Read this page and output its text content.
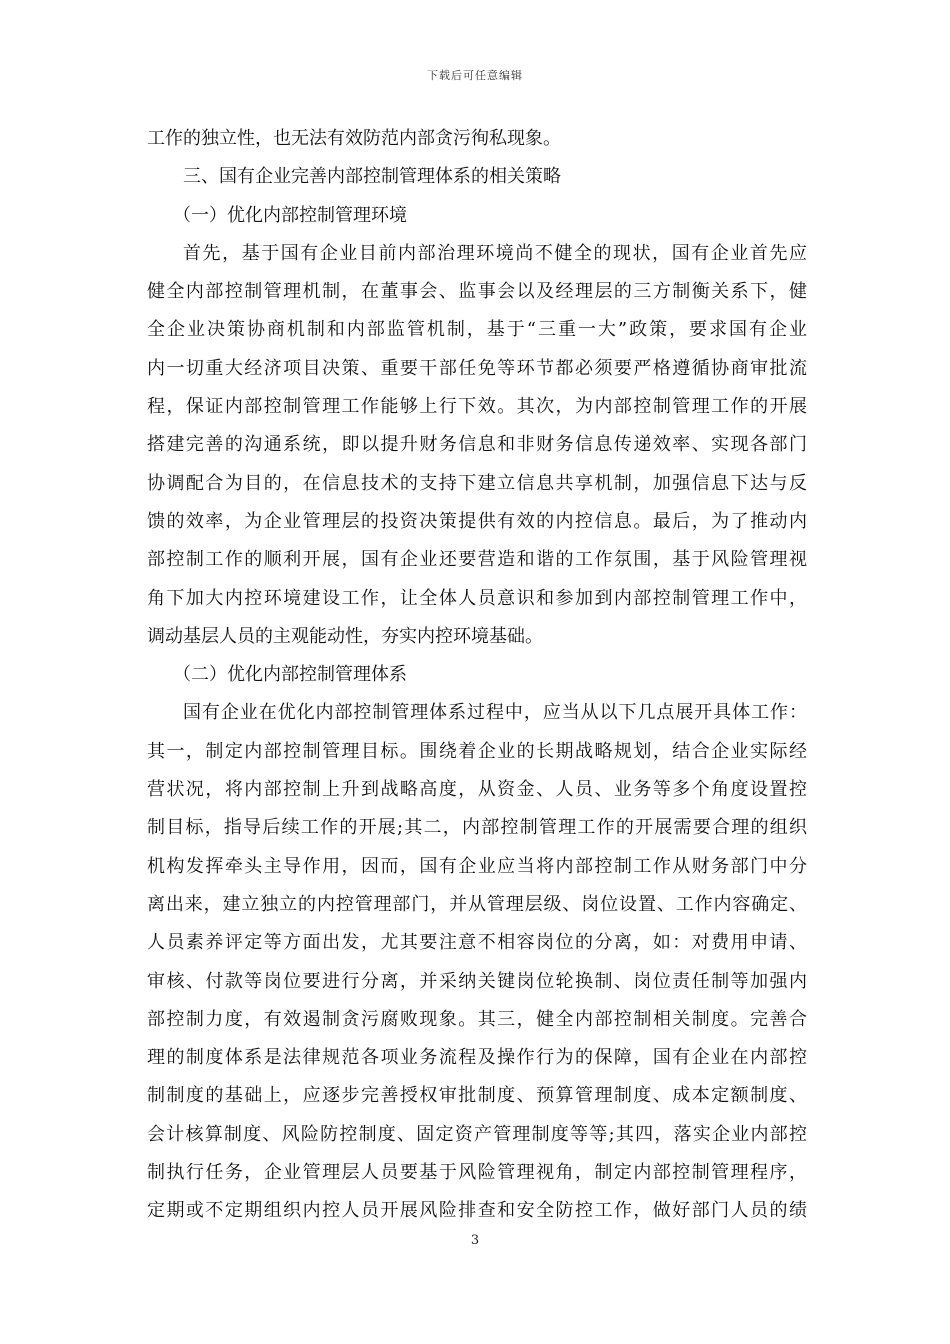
下载后可任意编辑
工作的独立性，也无法有效防范内部贪污徇私现象。
三、国有企业完善内部控制管理体系的相关策略
（一）优化内部控制管理环境
首先，基于国有企业目前内部治理环境尚不健全的现状，国有企业首先应
健全内部控制管理机制，在董事会、监事会以及经理层的三方制衡关系下，健
全企业决策协商机制和内部监管机制，基于“三重一大”政策，要求国有企业
内一切重大经济项目决策、重要干部任免等环节都必须要严格遵循协商审批流
程，保证内部控制管理工作能够上行下效。其次，为内部控制管理工作的开展
搭建完善的沟通系统，即以提升财务信息和非财务信息传递效率、实现各部门
协调配合为目的，在信息技术的支持下建立信息共享机制，加强信息下达与反
馈的效率，为企业管理层的投资决策提供有效的内控信息。最后，为了推动内
部控制工作的顺利开展，国有企业还要营造和谐的工作氛围，基于风险管理视
角下加大内控环境建设工作，让全体人员意识和参加到内部控制管理工作中，
调动基层人员的主观能动性，夯实内控环境基础。
（二）优化内部控制管理体系
国有企业在优化内部控制管理体系过程中，应当从以下几点展开具体工作：
其一，制定内部控制管理目标。围绕着企业的长期战略规划，结合企业实际经
营状况，将内部控制上升到战略高度，从资金、人员、业务等多个角度设置控
制目标，指导后续工作的开展;其二，内部控制管理工作的开展需要合理的组织
机构发挥牵头主导作用，因而，国有企业应当将内部控制工作从财务部门中分
离出来，建立独立的内控管理部门，并从管理层级、岗位设置、工作内容确定、
人员素养评定等方面出发，尤其要注意不相容岗位的分离，如：对费用申请、
审核、付款等岗位要进行分离，并采纳关键岗位轮换制、岗位责任制等加强内
部控制力度，有效遏制贪污腐败现象。其三，健全内部控制相关制度。完善合
理的制度体系是法律规范各项业务流程及操作行为的保障，国有企业在内部控
制制度的基础上，应逐步完善授权审批制度、预算管理制度、成本定额制度、
会计核算制度、风险防控制度、固定资产管理制度等等;其四，落实企业内部控
制执行任务，企业管理层人员要基于风险管理视角，制定内部控制管理程序，
定期或不定期组织内控人员开展风险排查和安全防控工作，做好部门人员的绩
3
